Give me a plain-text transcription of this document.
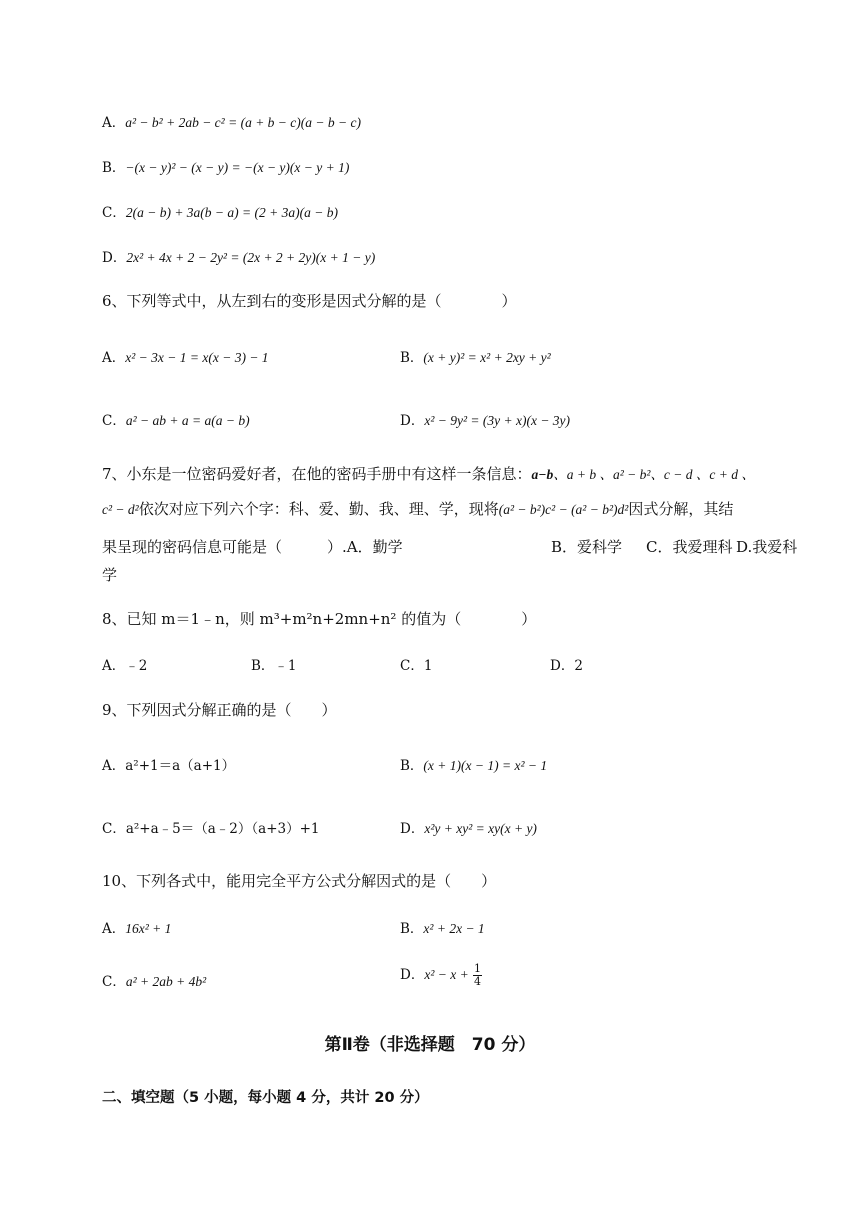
A．a² − b² + 2ab − c² = (a + b − c)(a − b − c)
B．−(x − y)² − (x − y) = −(x − y)(x − y + 1)
C．2(a − b) + 3a(b − a) = (2 + 3a)(a − b)
D．2x² + 4x + 2 − 2y² = (2x + 2 + 2y)(x + 1 − y)
6、下列等式中，从左到右的变形是因式分解的是（　　　　）
A．x² − 3x − 1 = x(x − 3) − 1	B．(x + y)² = x² + 2xy + y²
C．a² − ab + a = a(a − b)	D．x² − 9y² = (3y + x)(x − 3y)
7、小东是一位密码爱好者，在他的密码手册中有这样一条信息：a−b、a + b 、a² − b²、c − d 、c + d 、
c² − d²依次对应下列六个字：科、爱、勤、我、理、学，现将(a² − b²)c² − (a² − b²)d²因式分解，其结
果呈现的密码信息可能是（　　　）.A．勤学	B．爱科学 C．我爱理科 D.我爱科
学
8、已知 m＝1﹣n，则 m³+m²n+2mn+n² 的值为（　　　　）
A．﹣2	B．﹣1	C．1	D．2
9、下列因式分解正确的是（　　）
A．a²+1＝a（a+1）	B．(x + 1)(x − 1) = x² − 1
C．a²+a﹣5＝（a﹣2）（a+3）+1	D．x²y + xy² = xy(x + y)
10、下列各式中，能用完全平方公式分解因式的是（　　）
A．16x² + 1	B．x² + 2x − 1
C．a² + 2ab + 4b²	D．$x^2 - x + \frac{1}{4}$
第Ⅱ卷（非选择题　70 分）
二、填空题（5 小题，每小题 4 分，共计 20 分）
